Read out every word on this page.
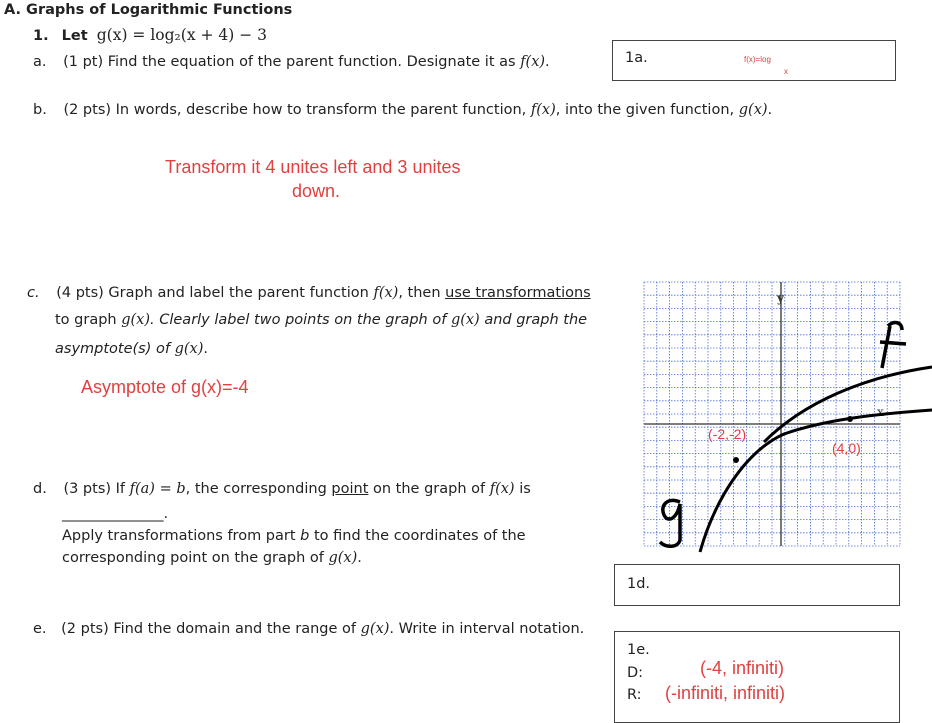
A. Graphs of Logarithmic Functions
1. Let g(x) = log₂(x + 4) − 3
a. (1 pt) Find the equation of the parent function. Designate it as f(x).	1a.	f(x)=log
x
b. (2 pts) In words, describe how to transform the parent function, f(x), into the given function, g(x).
Transform it 4 unites left and 3 unites
down.
c. (4 pts) Graph and label the parent function f(x), then use transformations
to graph g(x). Clearly label two points on the graph of g(x) and graph the
asymptote(s) of g(x).
Asymptote of g(x)=-4
d. (3 pts) If f(a) = b, the corresponding point on the graph of f(x) is
______________.
Apply transformations from part b to find the coordinates of the
corresponding point on the graph of g(x).
1d.
e. (2 pts) Find the domain and the range of g(x). Write in interval notation.
1e.
D:
R:
(-4, infiniti)
(-infiniti, infiniti)
y
x
f
g
(-2,-2)
(4,0)
